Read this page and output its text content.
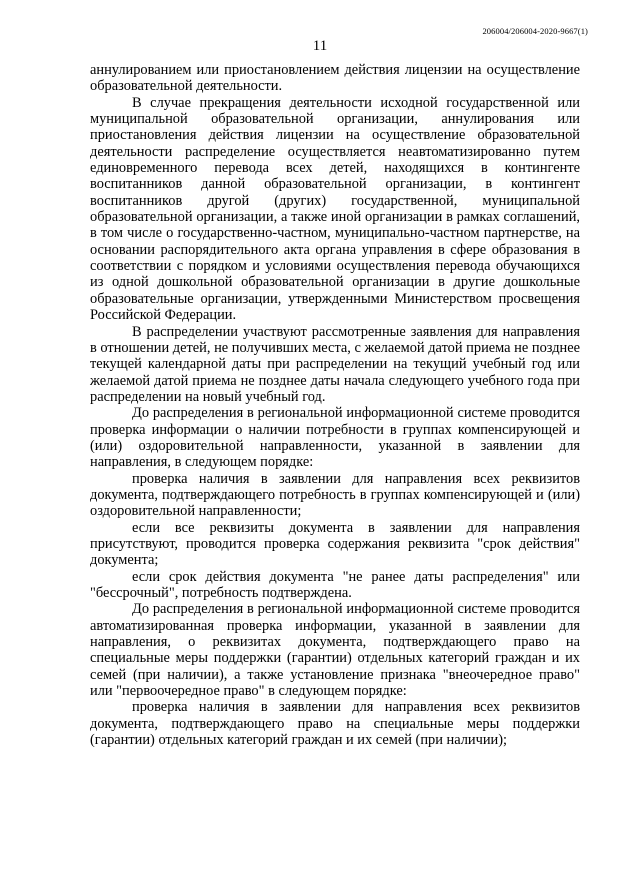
206004/206004-2020-9667(1)
11

аннулированием или приостановлением действия лицензии на осуществление образовательной деятельности.

В случае прекращения деятельности исходной государственной или муниципальной образовательной организации, аннулирования или приостановления действия лицензии на осуществление образовательной деятельности распределение осуществляется неавтоматизированно путем единовременного перевода всех детей, находящихся в контингенте воспитанников данной образовательной организации, в контингент воспитанников другой (других) государственной, муниципальной образовательной организации, а также иной организации в рамках соглашений, в том числе о государственно-частном, муниципально-частном партнерстве, на основании распорядительного акта органа управления в сфере образования в соответствии с порядком и условиями осуществления перевода обучающихся из одной дошкольной образовательной организации в другие дошкольные образовательные организации, утвержденными Министерством просвещения Российской Федерации.

В распределении участвуют рассмотренные заявления для направления в отношении детей, не получивших места, с желаемой датой приема не позднее текущей календарной даты при распределении на текущий учебный год или желаемой датой приема не позднее даты начала следующего учебного года при распределении на новый учебный год.

До распределения в региональной информационной системе проводится проверка информации о наличии потребности в группах компенсирующей и (или) оздоровительной направленности, указанной в заявлении для направления, в следующем порядке:

проверка наличия в заявлении для направления всех реквизитов документа, подтверждающего потребность в группах компенсирующей и (или) оздоровительной направленности;

если все реквизиты документа в заявлении для направления присутствуют, проводится проверка содержания реквизита "срок действия" документа;

если срок действия документа "не ранее даты распределения" или "бессрочный", потребность подтверждена.

До распределения в региональной информационной системе проводится автоматизированная проверка информации, указанной в заявлении для направления, о реквизитах документа, подтверждающего право на специальные меры поддержки (гарантии) отдельных категорий граждан и их семей (при наличии), а также установление признака "внеочередное право" или "первоочередное право" в следующем порядке:

проверка наличия в заявлении для направления всех реквизитов документа, подтверждающего право на специальные меры поддержки (гарантии) отдельных категорий граждан и их семей (при наличии);
